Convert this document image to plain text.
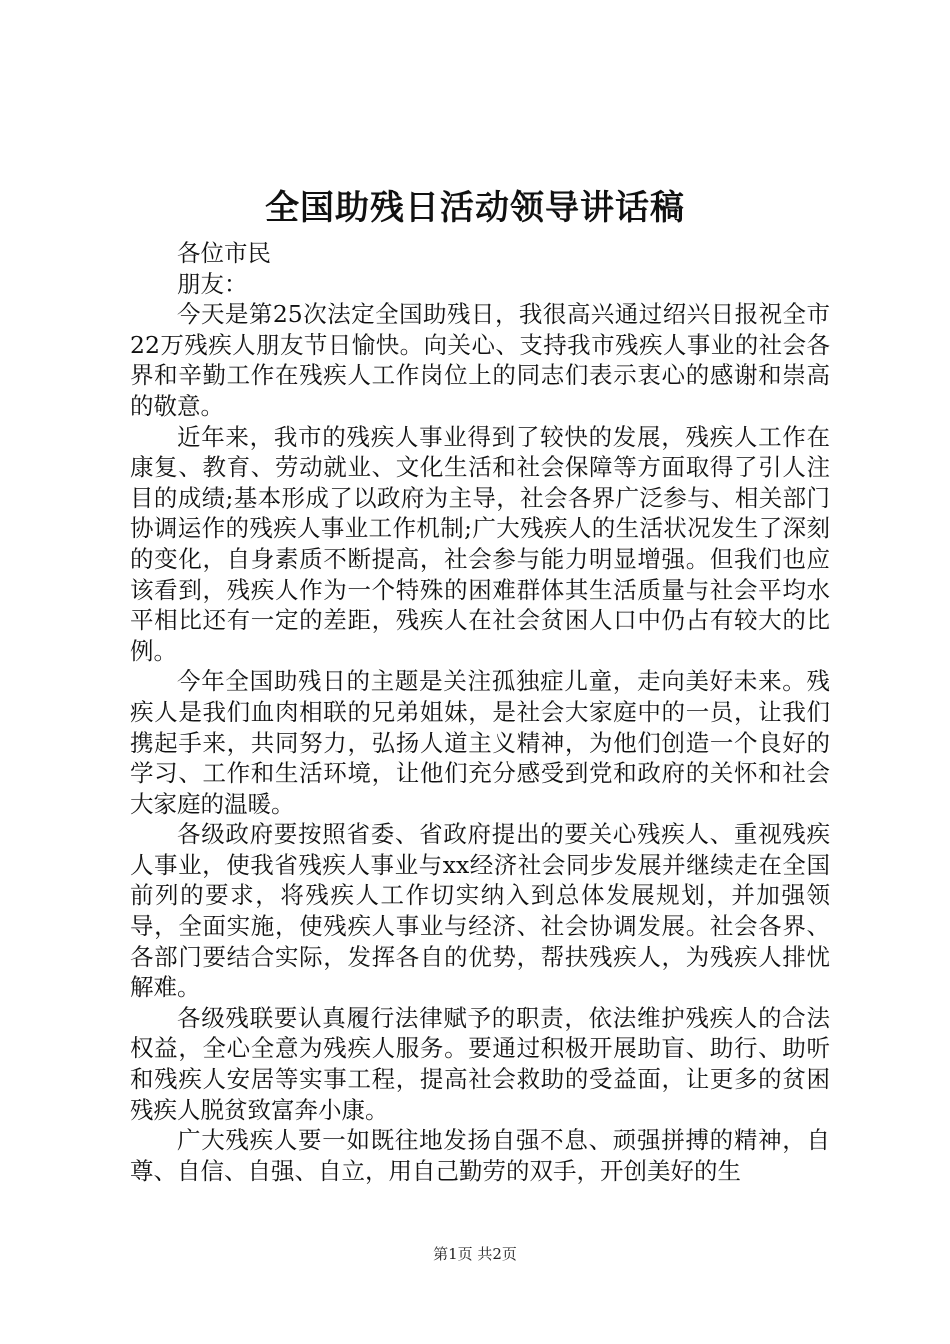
全国助残日活动领导讲话稿

各位市民

朋友：

今天是第25次法定全国助残日，我很高兴通过绍兴日报祝全市22万残疾人朋友节日愉快。向关心、支持我市残疾人事业的社会各界和辛勤工作在残疾人工作岗位上的同志们表示衷心的感谢和崇高的敬意。

近年来，我市的残疾人事业得到了较快的发展，残疾人工作在康复、教育、劳动就业、文化生活和社会保障等方面取得了引人注目的成绩;基本形成了以政府为主导，社会各界广泛参与、相关部门协调运作的残疾人事业工作机制;广大残疾人的生活状况发生了深刻的变化，自身素质不断提高，社会参与能力明显增强。但我们也应该看到，残疾人作为一个特殊的困难群体其生活质量与社会平均水平相比还有一定的差距，残疾人在社会贫困人口中仍占有较大的比例。

今年全国助残日的主题是关注孤独症儿童，走向美好未来。残疾人是我们血肉相联的兄弟姐妹，是社会大家庭中的一员，让我们携起手来，共同努力，弘扬人道主义精神，为他们创造一个良好的学习、工作和生活环境，让他们充分感受到党和政府的关怀和社会大家庭的温暖。

各级政府要按照省委、省政府提出的要关心残疾人、重视残疾人事业，使我省残疾人事业与xx经济社会同步发展并继续走在全国前列的要求，将残疾人工作切实纳入到总体发展规划，并加强领导，全面实施，使残疾人事业与经济、社会协调发展。社会各界、各部门要结合实际，发挥各自的优势，帮扶残疾人，为残疾人排忧解难。

各级残联要认真履行法律赋予的职责，依法维护残疾人的合法权益，全心全意为残疾人服务。要通过积极开展助盲、助行、助听和残疾人安居等实事工程，提高社会救助的受益面，让更多的贫困残疾人脱贫致富奔小康。

广大残疾人要一如既往地发扬自强不息、顽强拼搏的精神，自尊、自信、自强、自立，用自己勤劳的双手，开创美好的生

第1页 共2页
